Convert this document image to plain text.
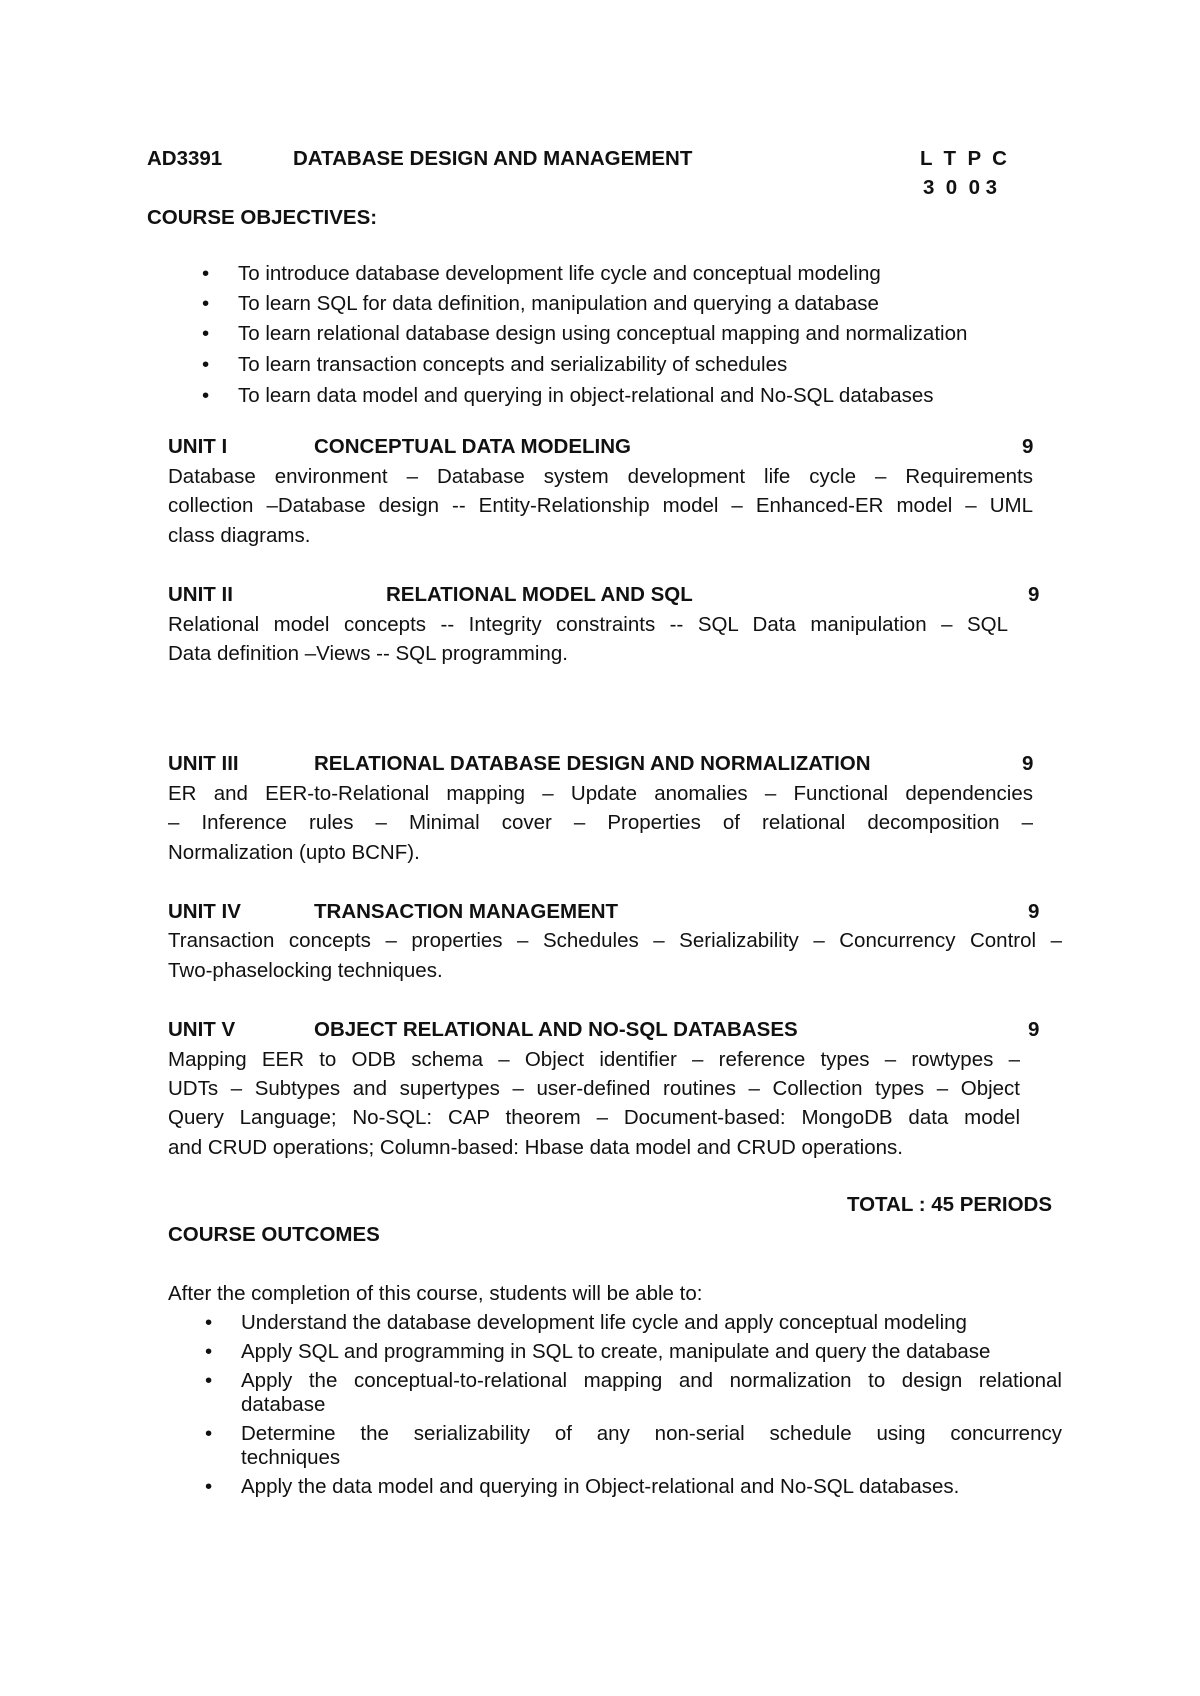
AD3391	DATABASE DESIGN AND MANAGEMENT	L  T  P  C
3  0  0 3
COURSE OBJECTIVES:
• To introduce database development life cycle and conceptual modeling
• To learn SQL for data definition, manipulation and querying a database
• To learn relational database design using conceptual mapping and normalization
• To learn transaction concepts and serializability of schedules
• To learn data model and querying in object-relational and No-SQL databases
UNIT I	CONCEPTUAL DATA MODELING	9
Database environment – Database system development life cycle – Requirements
collection –Database design -- Entity-Relationship model – Enhanced-ER model – UML
class diagrams.
UNIT II	RELATIONAL MODEL AND SQL	9
Relational model concepts -- Integrity constraints -- SQL Data manipulation – SQL
Data definition –Views -- SQL programming.
UNIT III	RELATIONAL DATABASE DESIGN AND NORMALIZATION	9
ER and EER-to-Relational mapping – Update anomalies – Functional dependencies
– Inference rules – Minimal cover – Properties of relational decomposition –
Normalization (upto BCNF).
UNIT IV	TRANSACTION MANAGEMENT	9
Transaction concepts – properties – Schedules – Serializability – Concurrency Control –
Two-phaselocking techniques.
UNIT V	OBJECT RELATIONAL AND NO-SQL DATABASES	9
Mapping EER to ODB schema – Object identifier – reference types – rowtypes –
UDTs – Subtypes and supertypes – user-defined routines – Collection types – Object
Query Language; No-SQL: CAP theorem – Document-based: MongoDB data model
and CRUD operations; Column-based: Hbase data model and CRUD operations.
TOTAL : 45 PERIODS
COURSE OUTCOMES
After the completion of this course, students will be able to:
• Understand the database development life cycle and apply conceptual modeling
• Apply SQL and programming in SQL to create, manipulate and query the database
• Apply the conceptual-to-relational mapping and normalization to design relational
database
• Determine the serializability of any non-serial schedule using concurrency
techniques
• Apply the data model and querying in Object-relational and No-SQL databases.
